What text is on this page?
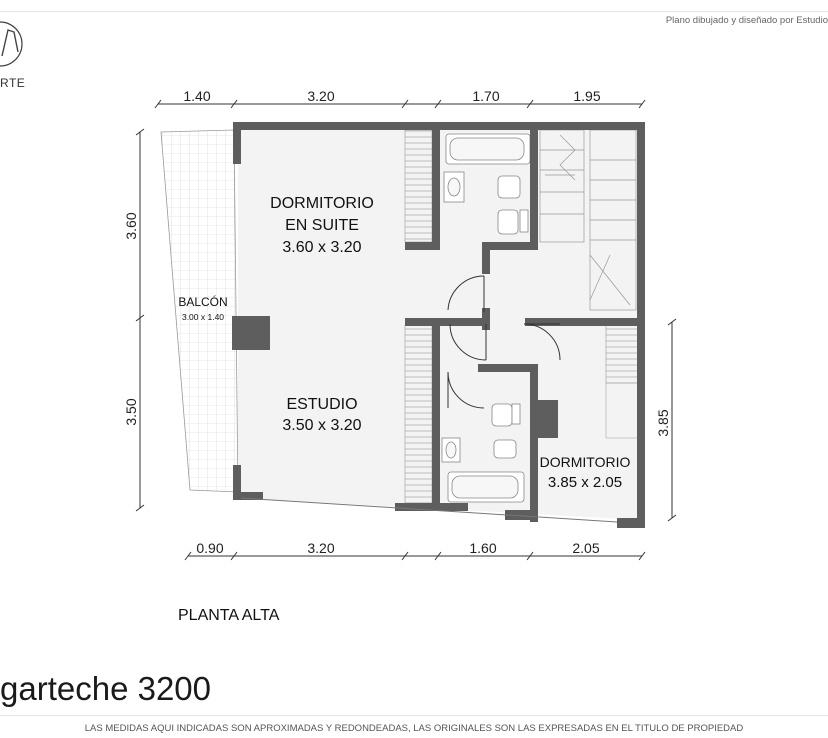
Plano dibujado y diseñado por Estudio
RTE
DORMITORIO
EN SUITE
3.60 x 3.20
ESTUDIO
3.50 x 3.20
DORMITORIO
3.85 x 2.05
BALCÓN
3.00 x 1.40
1.40	3.20	1.70	1.95
0.90	3.20	1.60	2.05
3.60
3.50	3.85
PLANTA ALTA
garteche 3200
LAS MEDIDAS AQUI INDICADAS SON APROXIMADAS Y REDONDEADAS, LAS ORIGINALES SON LAS EXPRESADAS EN EL TITULO DE PROPIEDAD
